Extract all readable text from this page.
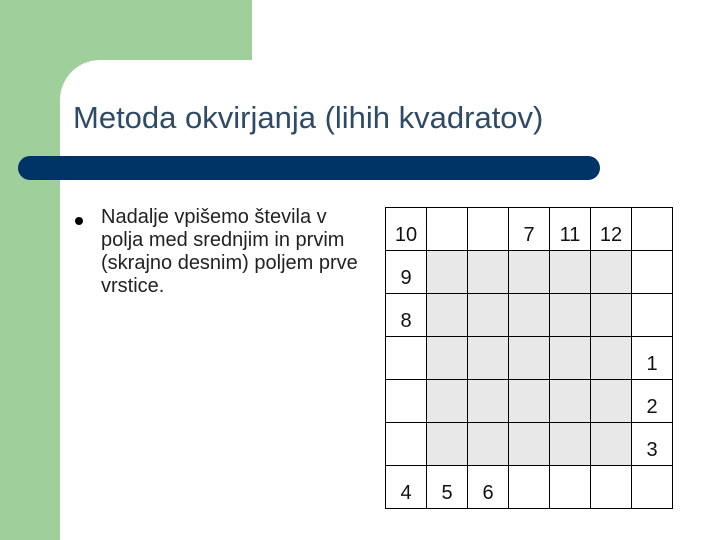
Metoda okvirjanja (lihih kvadratov)

Nadalje vpišemo števila v polja med srednjim in prvim (skrajno desnim) poljem prve vrstice.

10			7	11	12	
9						
8						
						1
						2
						3
4	5	6				
